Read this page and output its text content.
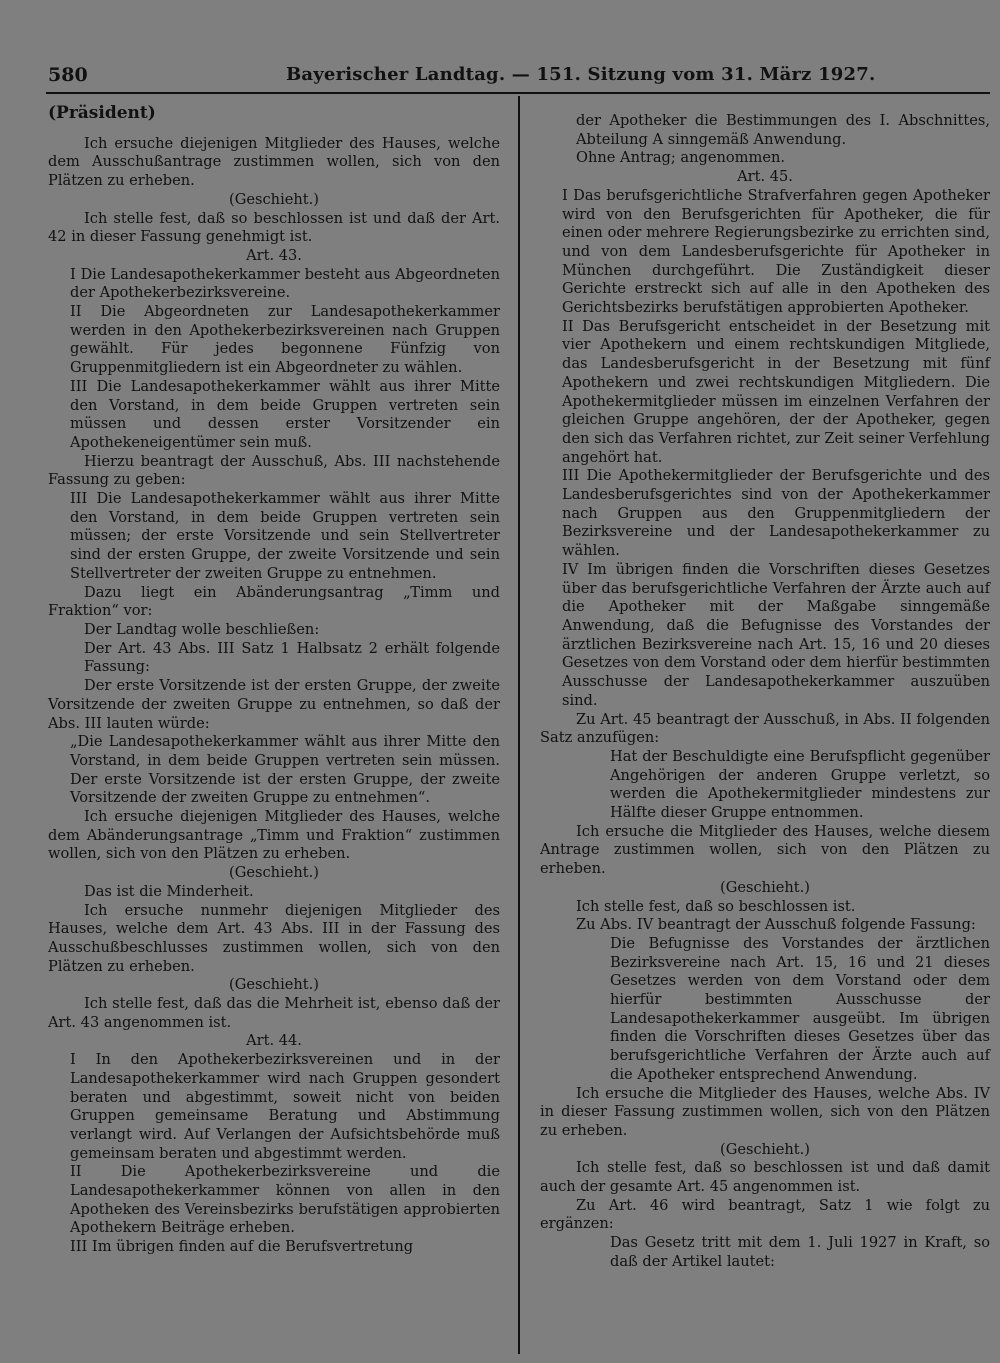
580	Bayerischer Landtag. — 151. Sitzung vom 31. März 1927.

(Präsident)

Ich ersuche diejenigen Mitglieder des Hauses, welche dem Ausschußantrage zustimmen wollen, sich von den Plätzen zu erheben.

(Geschieht.)

Ich stelle fest, daß so beschlossen ist und daß der Art. 42 in dieser Fassung genehmigt ist.

Art. 43.

I Die Landesapothekerkammer besteht aus Abgeordneten der Apothekerbezirksvereine.

II Die Abgeordneten zur Landesapothekerkammer werden in den Apothekerbezirksvereinen nach Gruppen gewählt. Für jedes begonnene Fünfzig von Gruppenmitgliedern ist ein Abgeordneter zu wählen.

III Die Landesapothekerkammer wählt aus ihrer Mitte den Vorstand, in dem beide Gruppen vertreten sein müssen und dessen erster Vorsitzender ein Apothekeneigentümer sein muß.

Hierzu beantragt der Ausschuß, Abs. III nachstehende Fassung zu geben:

III Die Landesapothekerkammer wählt aus ihrer Mitte den Vorstand, in dem beide Gruppen vertreten sein müssen; der erste Vorsitzende und sein Stellvertreter sind der ersten Gruppe, der zweite Vorsitzende und sein Stellvertreter der zweiten Gruppe zu entnehmen.

Dazu liegt ein Abänderungsantrag „Timm und Fraktion“ vor:

Der Landtag wolle beschließen:

Der Art. 43 Abs. III Satz 1 Halbsatz 2 erhält folgende Fassung:

Der erste Vorsitzende ist der ersten Gruppe, der zweite Vorsitzende der zweiten Gruppe zu entnehmen, so daß der Abs. III lauten würde:

„Die Landesapothekerkammer wählt aus ihrer Mitte den Vorstand, in dem beide Gruppen vertreten sein müssen. Der erste Vorsitzende ist der ersten Gruppe, der zweite Vorsitzende der zweiten Gruppe zu entnehmen“.

Ich ersuche diejenigen Mitglieder des Hauses, welche dem Abänderungsantrage „Timm und Fraktion“ zustimmen wollen, sich von den Plätzen zu erheben.

(Geschieht.)

Das ist die Minderheit.

Ich ersuche nunmehr diejenigen Mitglieder des Hauses, welche dem Art. 43 Abs. III in der Fassung des Ausschußbeschlusses zustimmen wollen, sich von den Plätzen zu erheben.

(Geschieht.)

Ich stelle fest, daß das die Mehrheit ist, ebenso daß der Art. 43 angenommen ist.

Art. 44.

I In den Apothekerbezirksvereinen und in der Landesapothekerkammer wird nach Gruppen gesondert beraten und abgestimmt, soweit nicht von beiden Gruppen gemeinsame Beratung und Abstimmung verlangt wird. Auf Verlangen der Aufsichtsbehörde muß gemeinsam beraten und abgestimmt werden.

II Die Apothekerbezirksvereine und die Landesapothekerkammer können von allen in den Apotheken des Vereinsbezirks berufstätigen approbierten Apothekern Beiträge erheben.

III Im übrigen finden auf die Berufsvertretung

der Apotheker die Bestimmungen des I. Abschnittes, Abteilung A sinngemäß Anwendung.

Ohne Antrag; angenommen.

Art. 45.

I Das berufsgerichtliche Strafverfahren gegen Apotheker wird von den Berufsgerichten für Apotheker, die für einen oder mehrere Regierungsbezirke zu errichten sind, und von dem Landesberufsgerichte für Apotheker in München durchgeführt. Die Zuständigkeit dieser Gerichte erstreckt sich auf alle in den Apotheken des Gerichtsbezirks berufstätigen approbierten Apotheker.

II Das Berufsgericht entscheidet in der Besetzung mit vier Apothekern und einem rechtskundigen Mitgliede, das Landesberufsgericht in der Besetzung mit fünf Apothekern und zwei rechtskundigen Mitgliedern. Die Apothekermitglieder müssen im einzelnen Verfahren der gleichen Gruppe angehören, der der Apotheker, gegen den sich das Verfahren richtet, zur Zeit seiner Verfehlung angehört hat.

III Die Apothekermitglieder der Berufsgerichte und des Landesberufsgerichtes sind von der Apothekerkammer nach Gruppen aus den Gruppenmitgliedern der Bezirksvereine und der Landesapothekerkammer zu wählen.

IV Im übrigen finden die Vorschriften dieses Gesetzes über das berufsgerichtliche Verfahren der Ärzte auch auf die Apotheker mit der Maßgabe sinngemäße Anwendung, daß die Befugnisse des Vorstandes der ärztlichen Bezirksvereine nach Art. 15, 16 und 20 dieses Gesetzes von dem Vorstand oder dem hierfür bestimmten Ausschusse der Landesapothekerkammer auszuüben sind.

Zu Art. 45 beantragt der Ausschuß, in Abs. II folgenden Satz anzufügen:

Hat der Beschuldigte eine Berufspflicht gegenüber Angehörigen der anderen Gruppe verletzt, so werden die Apothekermitglieder mindestens zur Hälfte dieser Gruppe entnommen.

Ich ersuche die Mitglieder des Hauses, welche diesem Antrage zustimmen wollen, sich von den Plätzen zu erheben.

(Geschieht.)

Ich stelle fest, daß so beschlossen ist.

Zu Abs. IV beantragt der Ausschuß folgende Fassung:

Die Befugnisse des Vorstandes der ärztlichen Bezirksvereine nach Art. 15, 16 und 21 dieses Gesetzes werden von dem Vorstand oder dem hierfür bestimmten Ausschusse der Landesapothekerkammer ausgeübt. Im übrigen finden die Vorschriften dieses Gesetzes über das berufsgerichtliche Verfahren der Ärzte auch auf die Apotheker entsprechend Anwendung.

Ich ersuche die Mitglieder des Hauses, welche Abs. IV in dieser Fassung zustimmen wollen, sich von den Plätzen zu erheben.

(Geschieht.)

Ich stelle fest, daß so beschlossen ist und daß damit auch der gesamte Art. 45 angenommen ist.

Zu Art. 46 wird beantragt, Satz 1 wie folgt zu ergänzen:

Das Gesetz tritt mit dem 1. Juli 1927 in Kraft, so daß der Artikel lautet:
